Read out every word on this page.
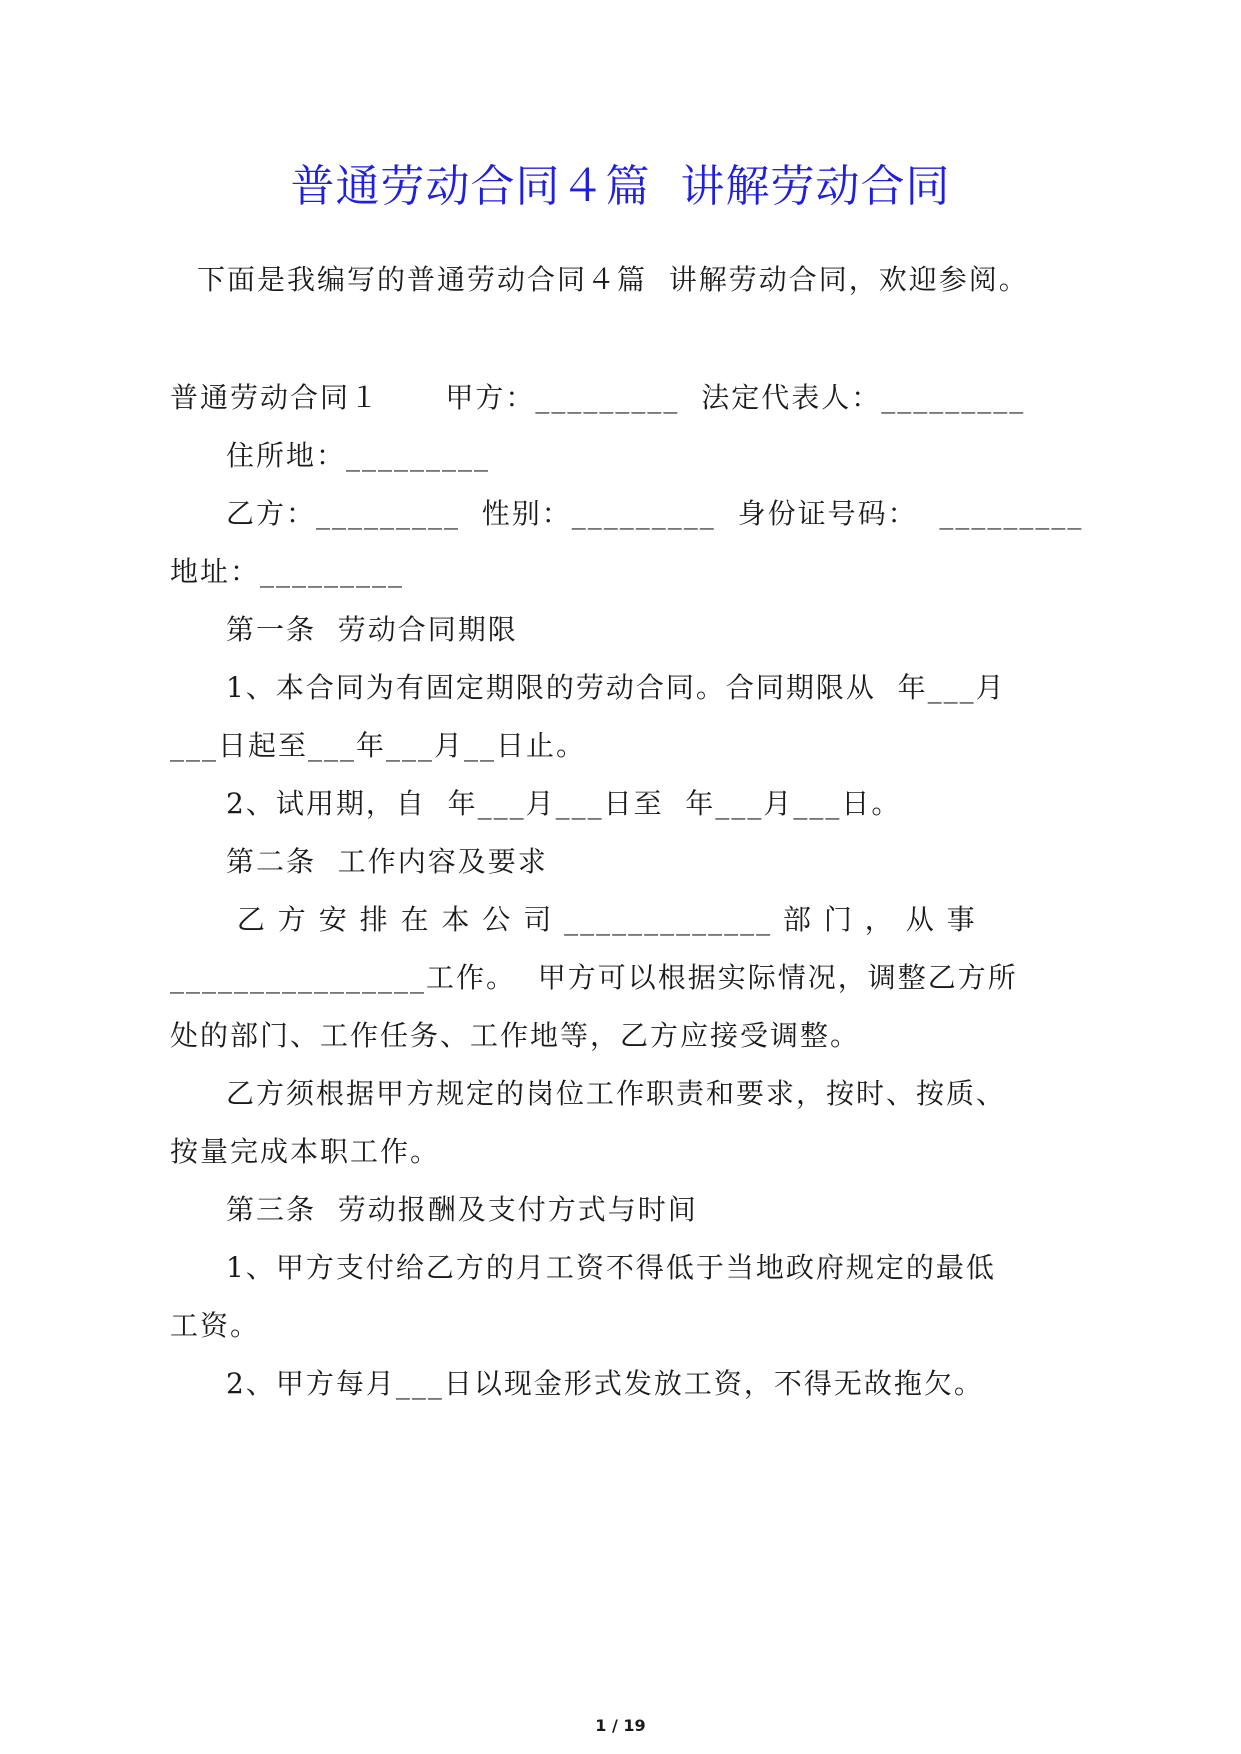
普通劳动合同４篇  讲解劳动合同
下面是我编写的普通劳动合同４篇  讲解劳动合同，欢迎参阅。
普通劳动合同１      甲方：_________  法定代表人：_________
住所地：_________
乙方：_________  性别：_________  身份证号码：  _________
地址：_________
第一条  劳动合同期限
1、本合同为有固定期限的劳动合同。合同期限从  年___月
___日起至___年___月__日止。
2、试用期，自  年___月___日至  年___月___日。
第二条  工作内容及要求
乙 方 安 排 在 本 公 司 _____________ 部 门 ， 从 事
________________工作。  甲方可以根据实际情况，调整乙方所
处的部门、工作任务、工作地等，乙方应接受调整。
乙方须根据甲方规定的岗位工作职责和要求，按时、按质、
按量完成本职工作。
第三条  劳动报酬及支付方式与时间
1、甲方支付给乙方的月工资不得低于当地政府规定的最低
工资。
2、甲方每月___日以现金形式发放工资，不得无故拖欠。
1 / 19
